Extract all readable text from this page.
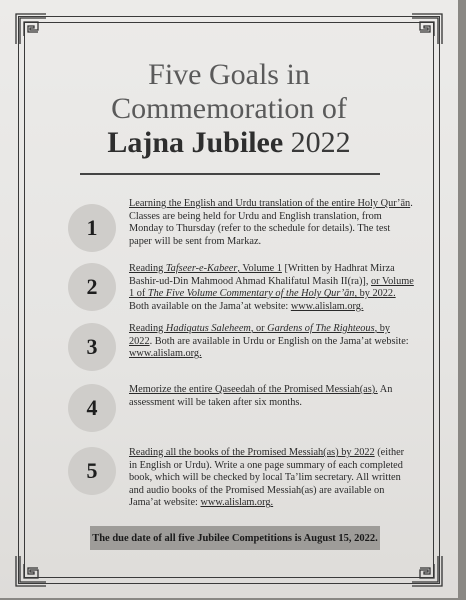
Five Goals in
Commemoration of
Lajna Jubilee 2022
1
Learning the English and Urdu translation of the entire Holy Qur’ān. Classes are being held for Urdu and English translation, from Monday to Thursday (refer to the schedule for details). The test paper will be sent from Markaz.
2
Reading Tafseer-e-Kabeer, Volume 1 [Written by Hadhrat Mirza Bashir-ud-Din Mahmood Ahmad Khalifatul Masih II(ra)], or Volume 1 of The Five Volume Commentary of the Holy Qur’ān, by 2022. Both available on the Jama’at website: www.alislam.org.
3
Reading Hadiqatus Saleheem, or Gardens of The Righteous, by 2022. Both are available in Urdu or English on the Jama’at website: www.alislam.org.
4
Memorize the entire Qaseedah of the Promised Messiah(as). An assessment will be taken after six months.
5
Reading all the books of the Promised Messiah(as) by 2022 (either in English or Urdu). Write a one page summary of each completed book, which will be checked by local Ta’lim secretary. All written and audio books of the Promised Messiah(as) are available on Jama’at website: www.alislam.org.
The due date of all five Jubilee Competitions is August 15, 2022.
